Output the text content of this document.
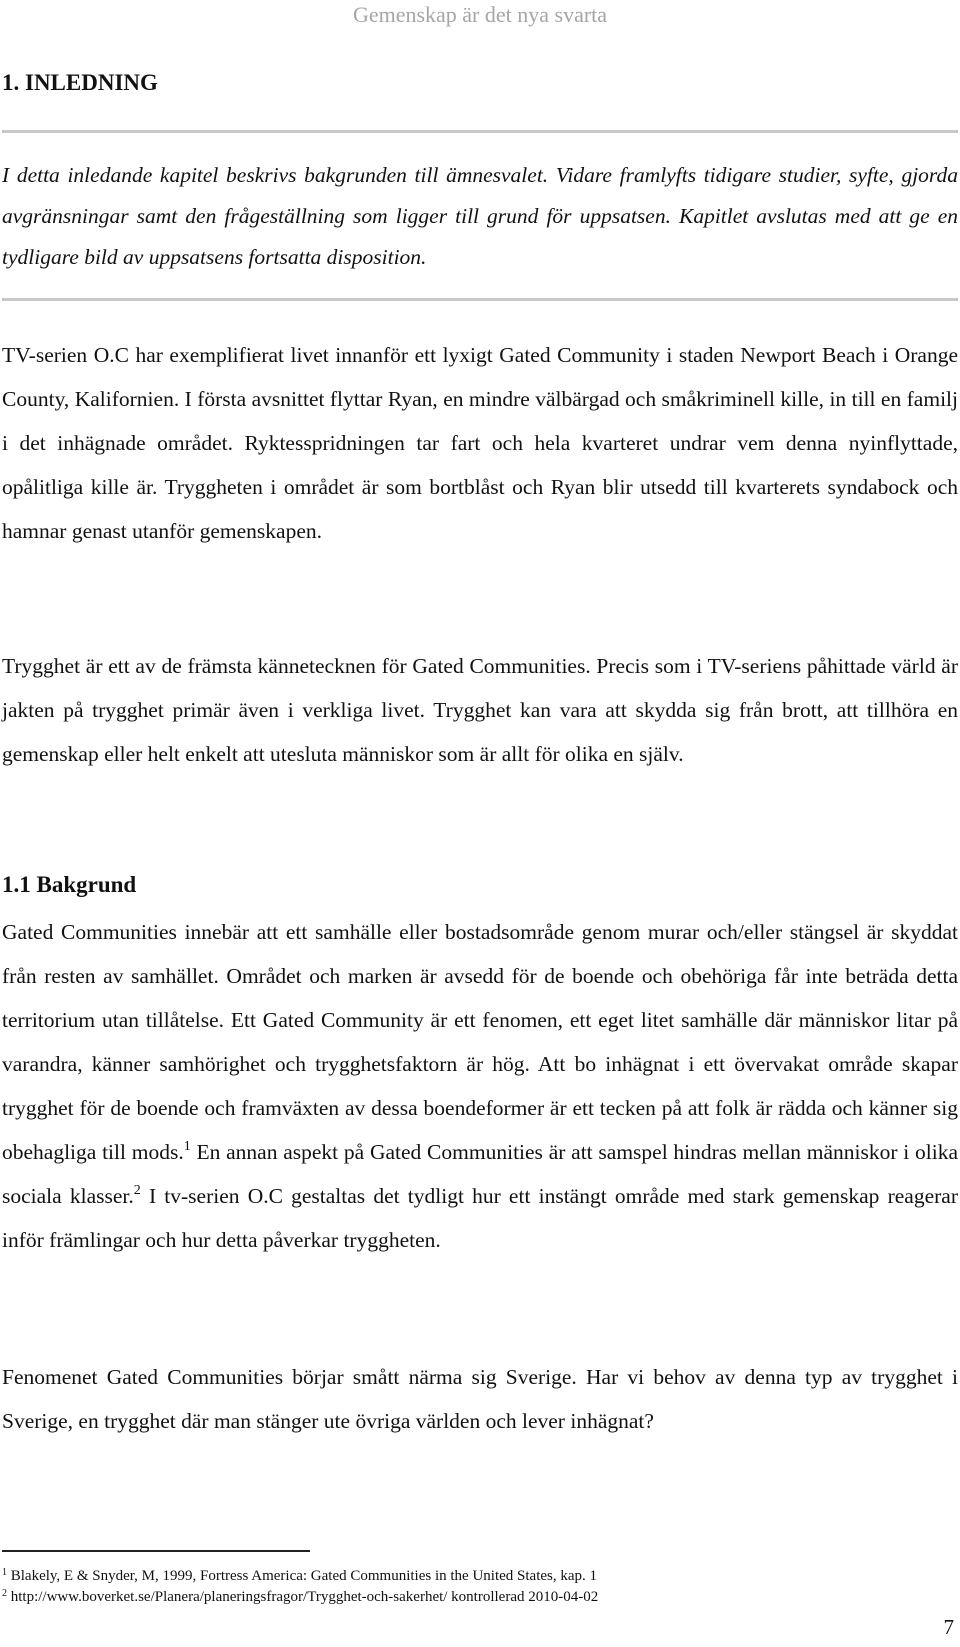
Gemenskap är det nya svarta
1. INLEDNING
I detta inledande kapitel beskrivs bakgrunden till ämnesvalet. Vidare framlyfts tidigare studier, syfte, gjorda avgränsningar samt den frågeställning som ligger till grund för uppsatsen. Kapitlet avslutas med att ge en tydligare bild av uppsatsens fortsatta disposition.
TV-serien O.C har exemplifierat livet innanför ett lyxigt Gated Community i staden Newport Beach i Orange County, Kalifornien. I första avsnittet flyttar Ryan, en mindre välbärgad och småkriminell kille, in till en familj i det inhägnade området. Ryktesspridningen tar fart och hela kvarteret undrar vem denna nyinflyttade, opålitliga kille är. Tryggheten i området är som bortblåst och Ryan blir utsedd till kvarterets syndabock och hamnar genast utanför gemenskapen.
Trygghet är ett av de främsta kännetecknen för Gated Communities. Precis som i TV-seriens påhittade värld är jakten på trygghet primär även i verkliga livet. Trygghet kan vara att skydda sig från brott, att tillhöra en gemenskap eller helt enkelt att utesluta människor som är allt för olika en själv.
1.1 Bakgrund
Gated Communities innebär att ett samhälle eller bostadsområde genom murar och/eller stängsel är skyddat från resten av samhället. Området och marken är avsedd för de boende och obehöriga får inte beträda detta territorium utan tillåtelse. Ett Gated Community är ett fenomen, ett eget litet samhälle där människor litar på varandra, känner samhörighet och trygghetsfaktorn är hög. Att bo inhägnat i ett övervakat område skapar trygghet för de boende och framväxten av dessa boendeformer är ett tecken på att folk är rädda och känner sig obehagliga till mods.$^1$ En annan aspekt på Gated Communities är att samspel hindras mellan människor i olika sociala klasser.$^2$ I tv-serien O.C gestaltas det tydligt hur ett instängt område med stark gemenskap reagerar inför främlingar och hur detta påverkar tryggheten.
Fenomenet Gated Communities börjar smått närma sig Sverige. Har vi behov av denna typ av trygghet i Sverige, en trygghet där man stänger ute övriga världen och lever inhägnat?
$^1$ Blakely, E & Snyder, M, 1999, Fortress America: Gated Communities in the United States, kap. 1
$^2$ http://www.boverket.se/Planera/planeringsfragor/Trygghet-och-sakerhet/ kontrollerad 2010-04-02
7
